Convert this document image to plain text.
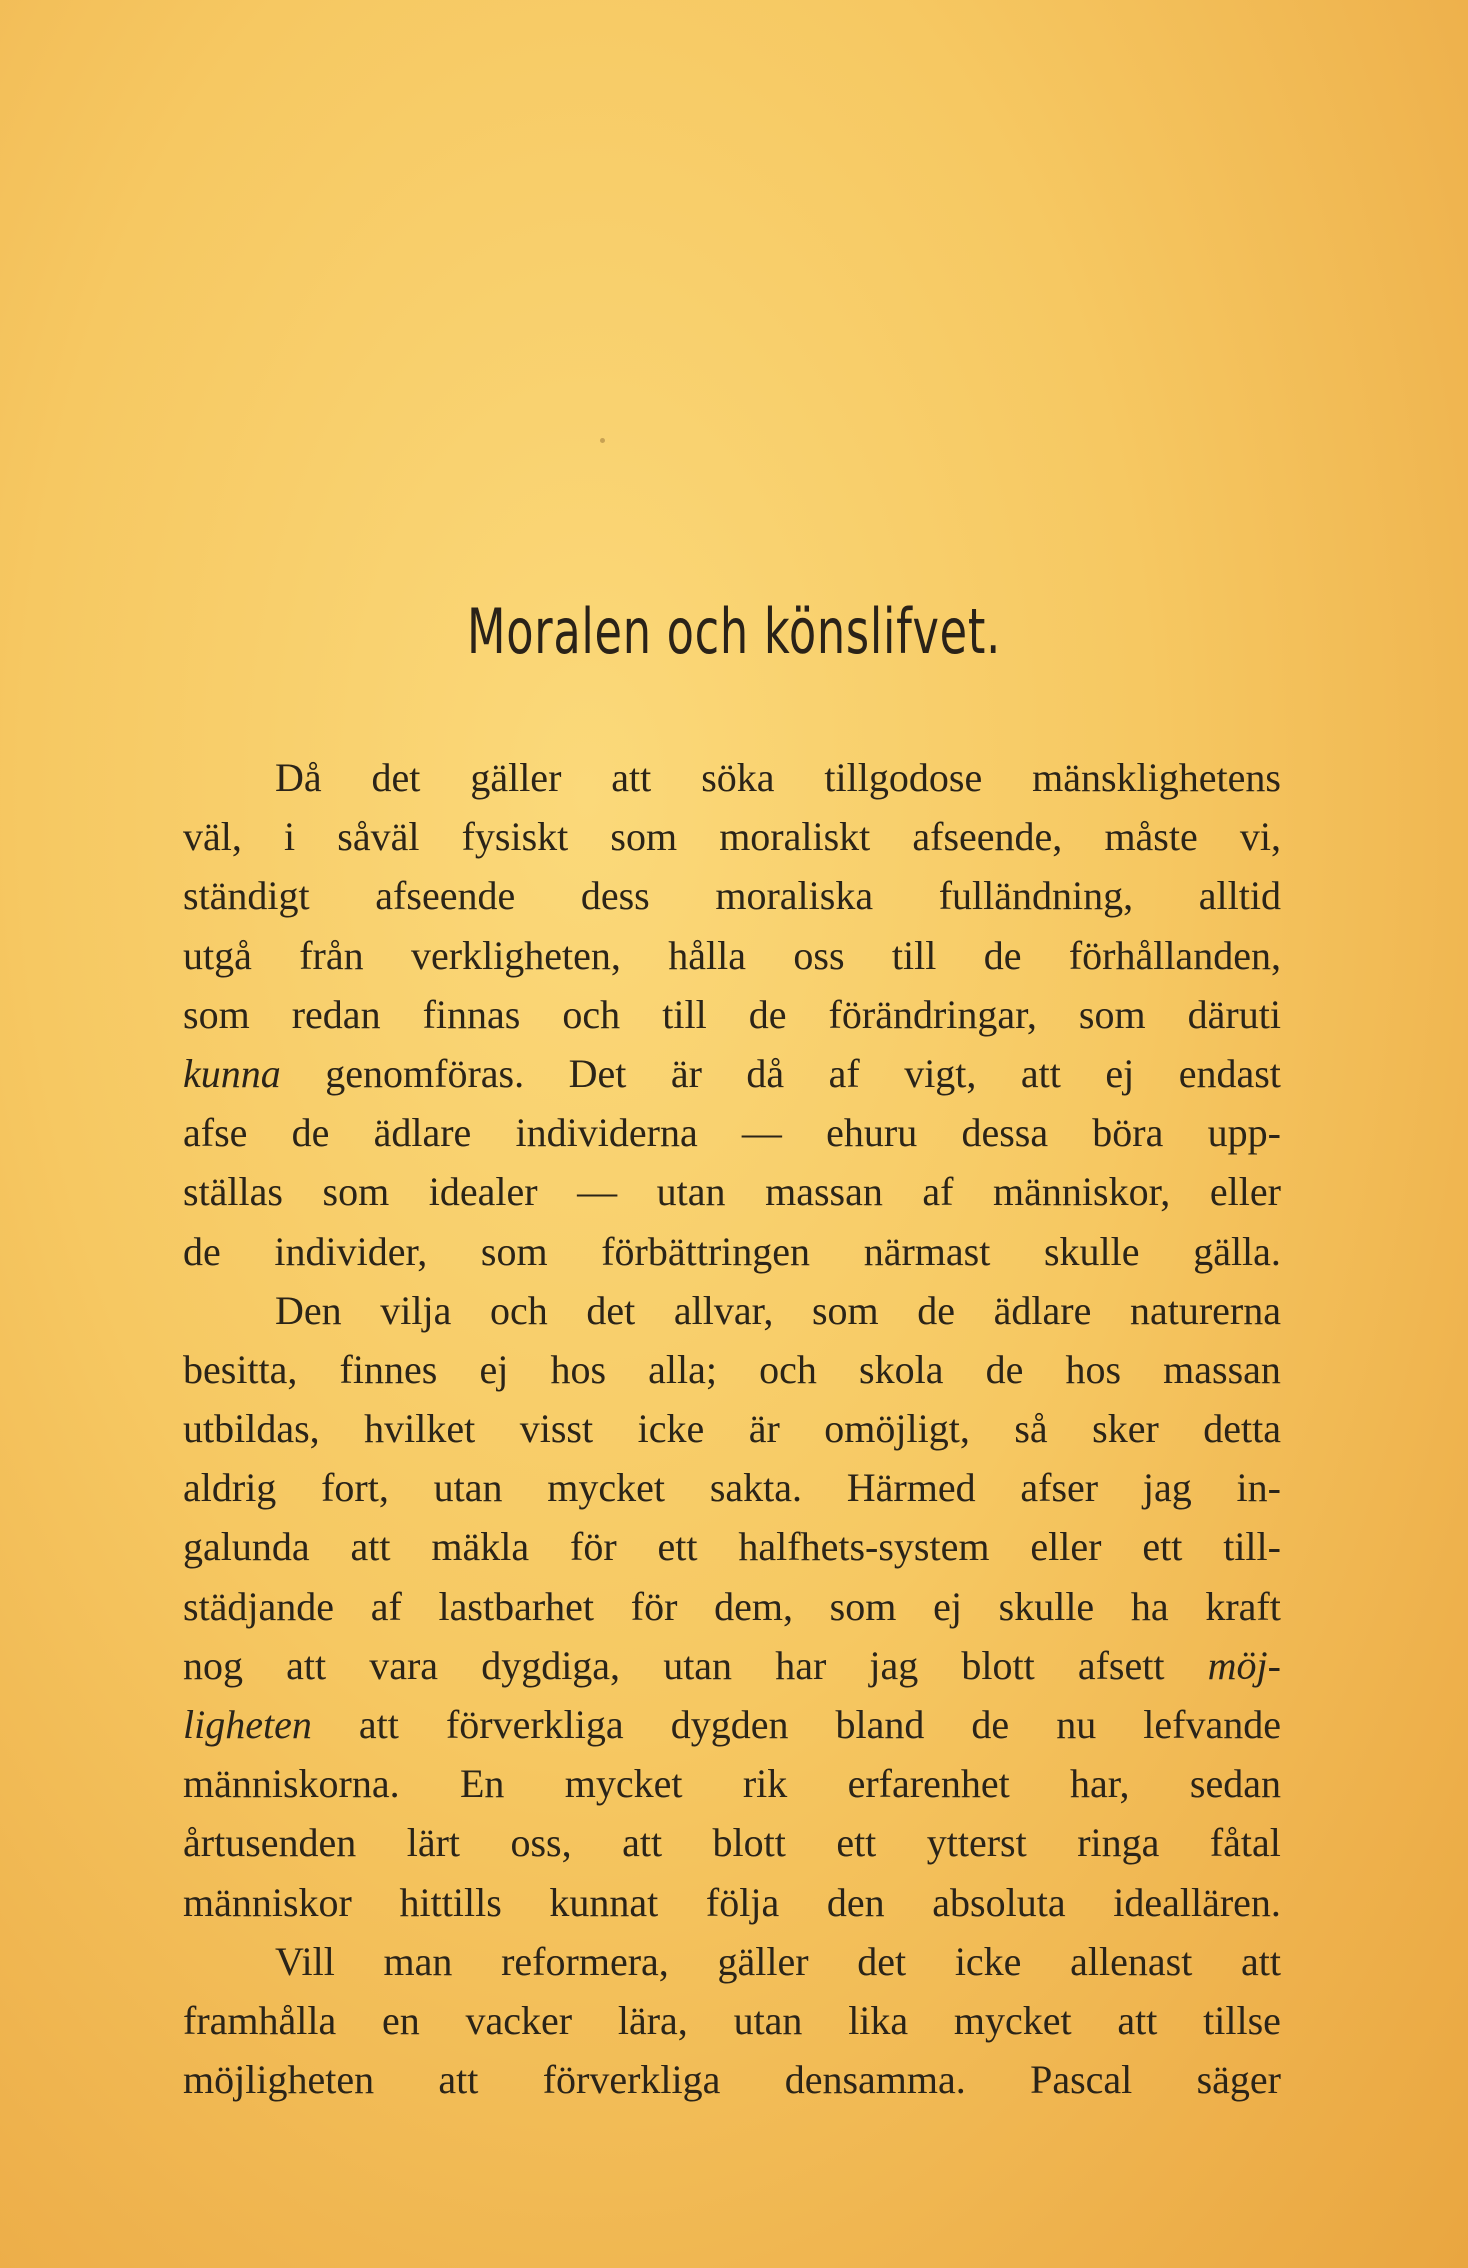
Moralen och könslifvet.
Då det gäller att söka tillgodose mänsklighetens
väl, i såväl fysiskt som moraliskt afseende, måste vi,
ständigt afseende dess moraliska fulländning, alltid
utgå från verkligheten, hålla oss till de förhållanden,
som redan finnas och till de förändringar, som däruti
kunna genomföras. Det är då af vigt, att ej endast
afse de ädlare individerna — ehuru dessa böra upp-
ställas som idealer — utan massan af människor, eller
de individer, som förbättringen närmast skulle gälla.
Den vilja och det allvar, som de ädlare naturerna
besitta, finnes ej hos alla; och skola de hos massan
utbildas, hvilket visst icke är omöjligt, så sker detta
aldrig fort, utan mycket sakta. Härmed afser jag in-
galunda att mäkla för ett halfhets-system eller ett till-
städjande af lastbarhet för dem, som ej skulle ha kraft
nog att vara dygdiga, utan har jag blott afsett möj-
ligheten att förverkliga dygden bland de nu lefvande
människorna. En mycket rik erfarenhet har, sedan
årtusenden lärt oss, att blott ett ytterst ringa fåtal
människor hittills kunnat följa den absoluta ideallären.
Vill man reformera, gäller det icke allenast att
framhålla en vacker lära, utan lika mycket att tillse
möjligheten att förverkliga densamma. Pascal säger
